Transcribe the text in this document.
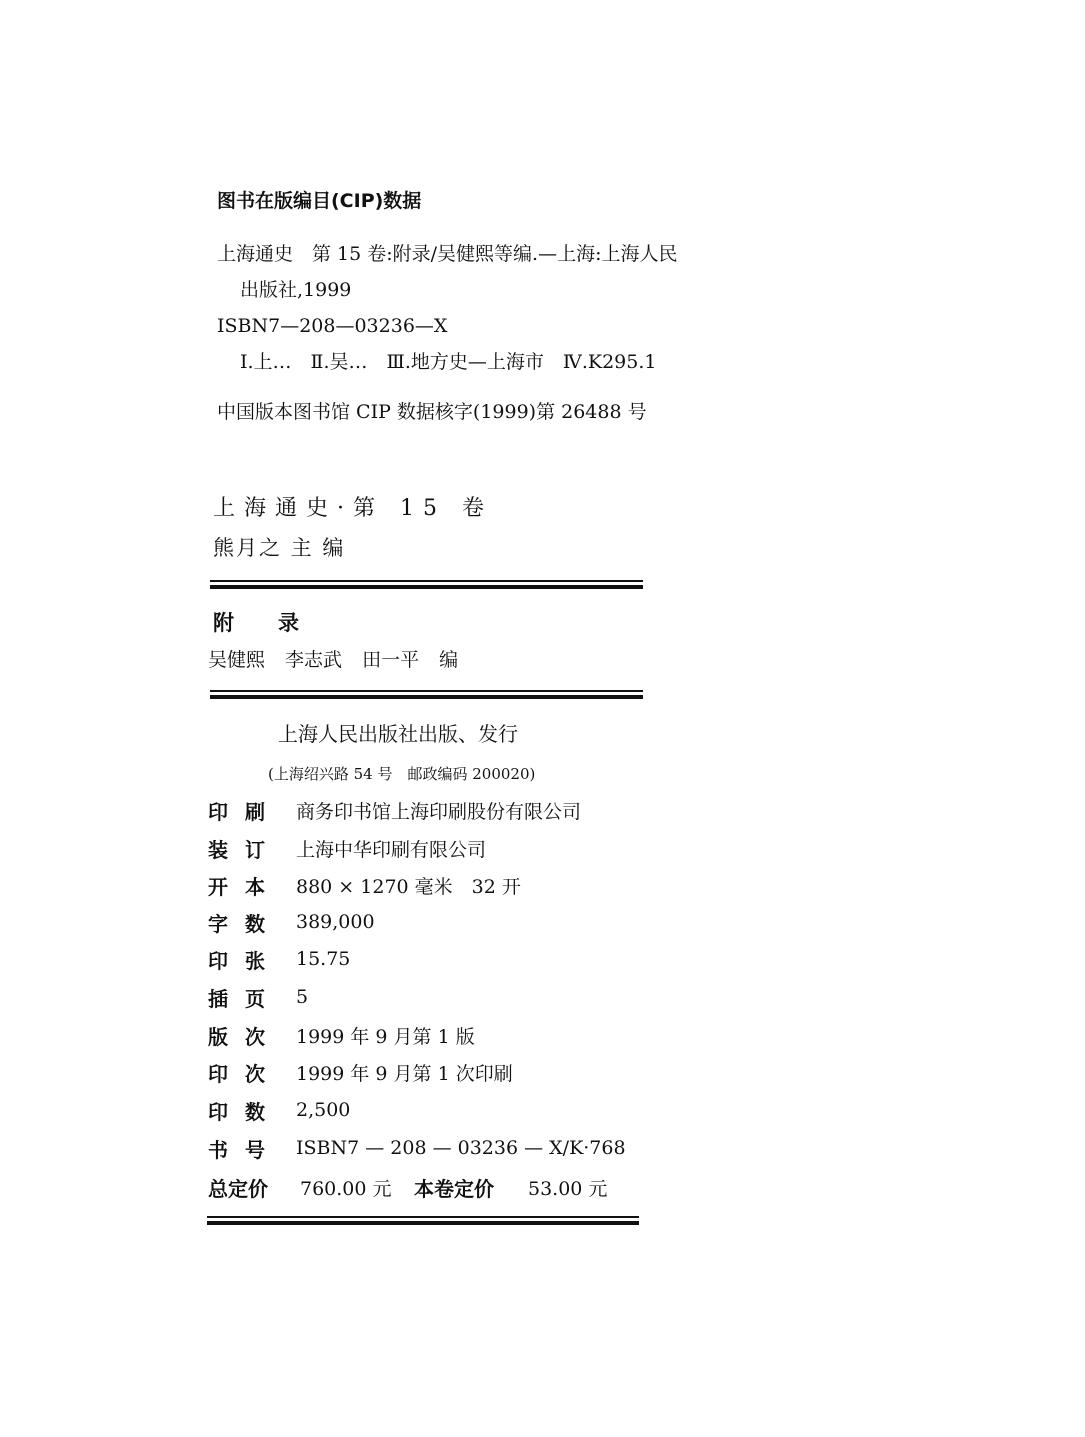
图书在版编目(CIP)数据
上海通史　第 15 卷:附录/吴健熙等编.—上海:上海人民
出版社,1999
ISBN7—208—03236—X
Ⅰ.上…　Ⅱ.吴…　Ⅲ.地方史—上海市　Ⅳ.K295.1
中国版本图书馆 CIP 数据核字(1999)第 26488 号
上海通史·第 15 卷
熊月之 主 编
附录
吴健熙 李志武 田一平 编
上海人民出版社出版、发行
(上海绍兴路 54 号　邮政编码 200020)
印刷 商务印书馆上海印刷股份有限公司
装订 上海中华印刷有限公司
开本 880 × 1270 毫米　32 开
字数 389,000
印张 15.75
插页 5
版次 1999 年 9 月第 1 版
印次 1999 年 9 月第 1 次印刷
印数 2,500
书号 ISBN7 — 208 — 03236 — X/K·768
总定价	760.00 元	本卷定价	53.00 元
